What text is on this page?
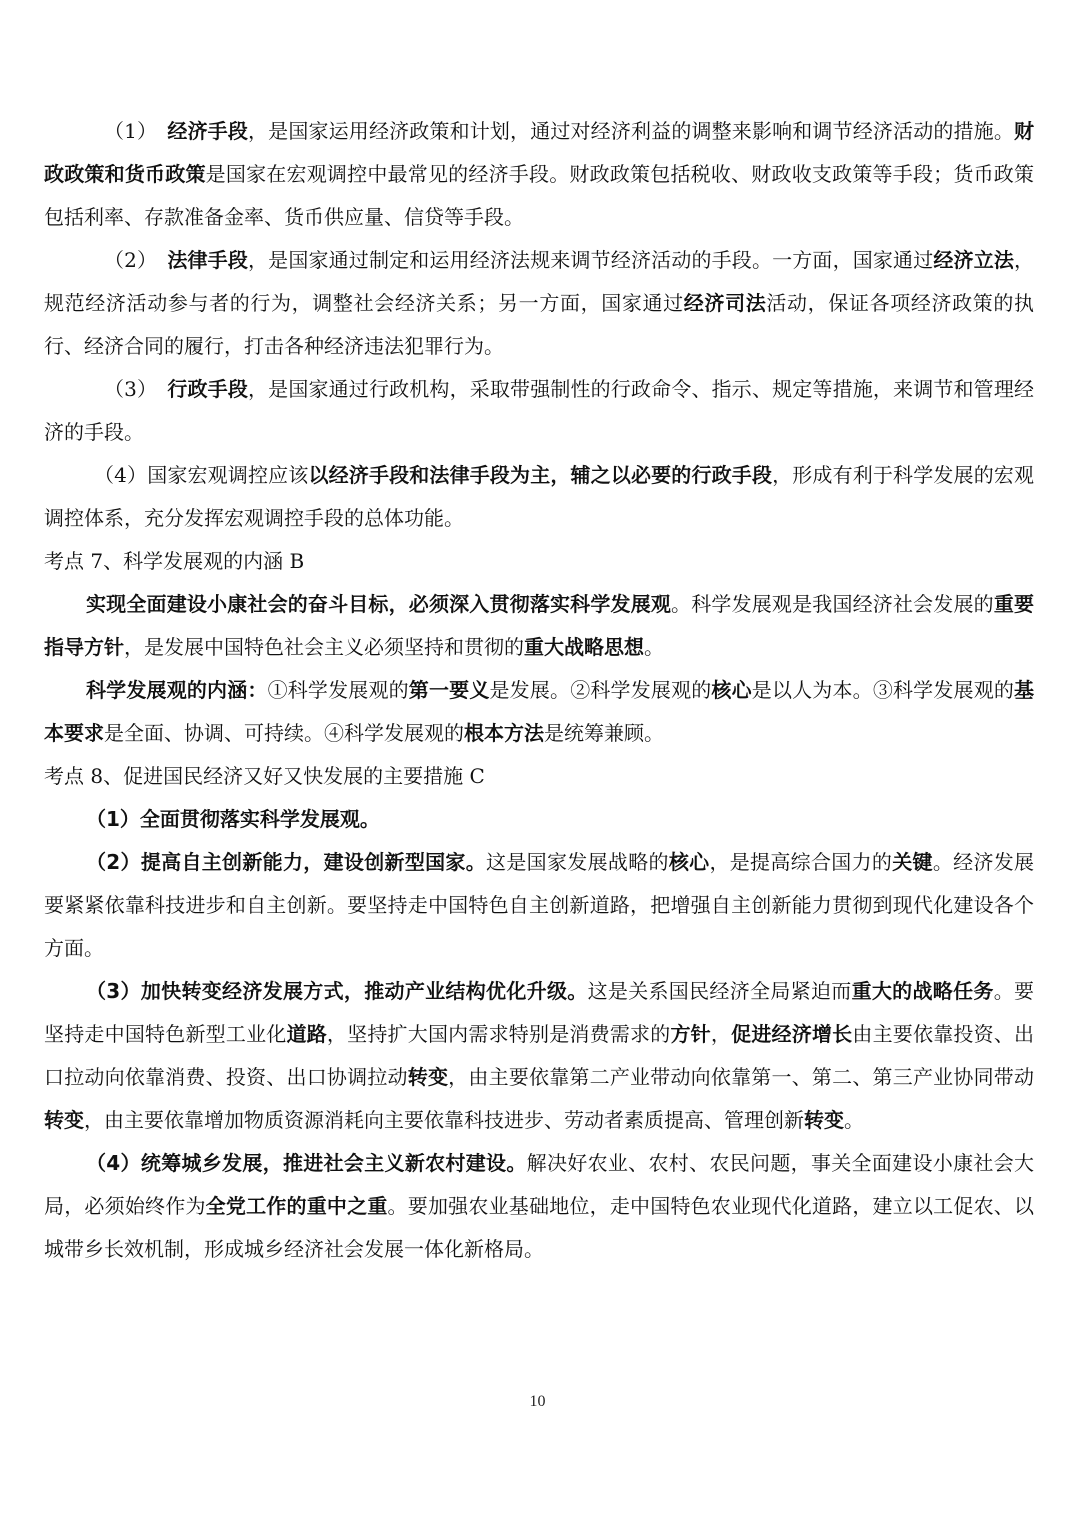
（1）　经济手段，是国家运用经济政策和计划，通过对经济利益的调整来影响和调节经济活动的措施。财政政策和货币政策是国家在宏观调控中最常见的经济手段。财政政策包括税收、财政收支政策等手段；货币政策包括利率、存款准备金率、货币供应量、信贷等手段。

（2）　法律手段，是国家通过制定和运用经济法规来调节经济活动的手段。一方面，国家通过经济立法，规范经济活动参与者的行为，调整社会经济关系；另一方面，国家通过经济司法活动，保证各项经济政策的执行、经济合同的履行，打击各种经济违法犯罪行为。

（3）　行政手段，是国家通过行政机构，采取带强制性的行政命令、指示、规定等措施，来调节和管理经济的手段。

（4）国家宏观调控应该以经济手段和法律手段为主，辅之以必要的行政手段，形成有利于科学发展的宏观调控体系，充分发挥宏观调控手段的总体功能。

考点 7、科学发展观的内涵 B

实现全面建设小康社会的奋斗目标，必须深入贯彻落实科学发展观。科学发展观是我国经济社会发展的重要指导方针，是发展中国特色社会主义必须坚持和贯彻的重大战略思想。

科学发展观的内涵：①科学发展观的第一要义是发展。②科学发展观的核心是以人为本。③科学发展观的基本要求是全面、协调、可持续。④科学发展观的根本方法是统筹兼顾。

考点 8、促进国民经济又好又快发展的主要措施 C

（1）全面贯彻落实科学发展观。

（2）提高自主创新能力，建设创新型国家。这是国家发展战略的核心，是提高综合国力的关键。经济发展要紧紧依靠科技进步和自主创新。要坚持走中国特色自主创新道路，把增强自主创新能力贯彻到现代化建设各个方面。

（3）加快转变经济发展方式，推动产业结构优化升级。这是关系国民经济全局紧迫而重大的战略任务。要坚持走中国特色新型工业化道路，坚持扩大国内需求特别是消费需求的方针，促进经济增长由主要依靠投资、出口拉动向依靠消费、投资、出口协调拉动转变，由主要依靠第二产业带动向依靠第一、第二、第三产业协同带动转变，由主要依靠增加物质资源消耗向主要依靠科技进步、劳动者素质提高、管理创新转变。

（4）统筹城乡发展，推进社会主义新农村建设。解决好农业、农村、农民问题，事关全面建设小康社会大局，必须始终作为全党工作的重中之重。要加强农业基础地位，走中国特色农业现代化道路，建立以工促农、以城带乡长效机制，形成城乡经济社会发展一体化新格局。

10
